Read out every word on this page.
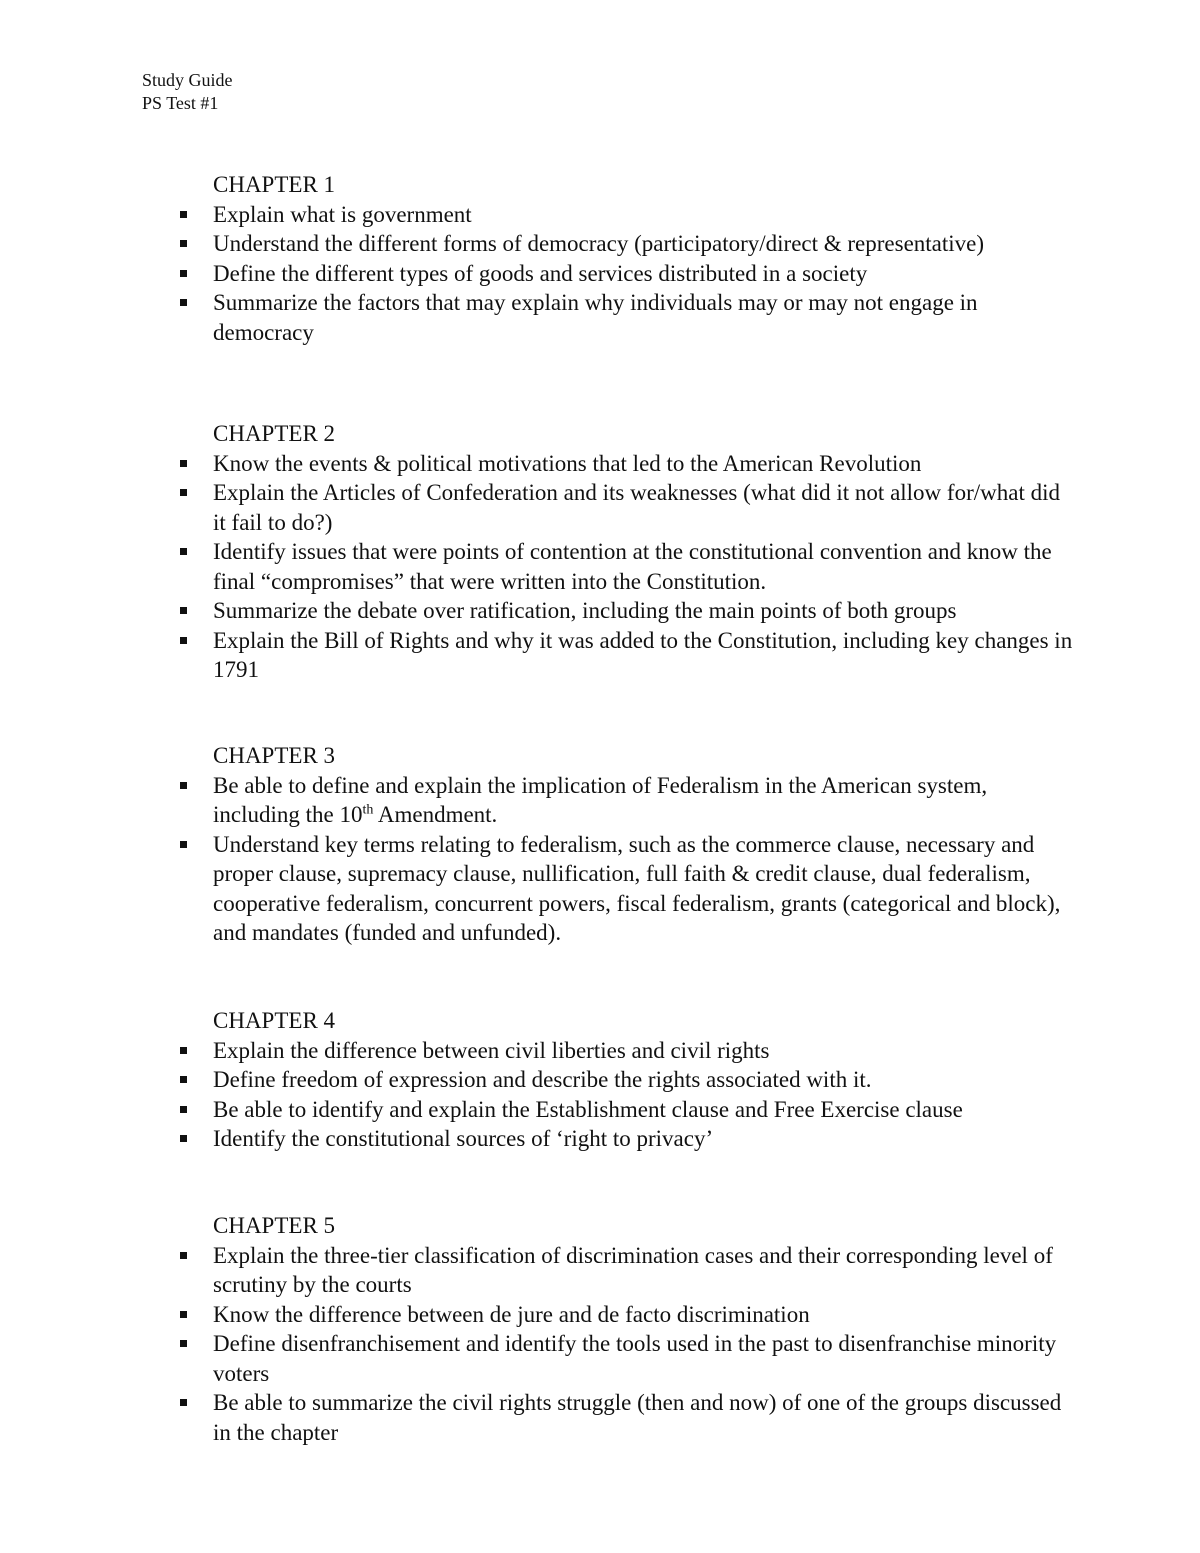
Study Guide
PS Test #1
CHAPTER 1
Explain what is government
Understand the different forms of democracy (participatory/direct & representative)
Define the different types of goods and services distributed in a society
Summarize the factors that may explain why individuals may or may not engage in democracy
CHAPTER 2
Know the events & political motivations that led to the American Revolution
Explain the Articles of Confederation and its weaknesses (what did it not allow for/what did it fail to do?)
Identify issues that were points of contention at the constitutional convention and know the final “compromises” that were written into the Constitution.
Summarize the debate over ratification, including the main points of both groups
Explain the Bill of Rights and why it was added to the Constitution, including key changes in 1791
CHAPTER 3
Be able to define and explain the implication of Federalism in the American system, including the 10th Amendment.
Understand key terms relating to federalism, such as the commerce clause, necessary and proper clause, supremacy clause, nullification, full faith & credit clause, dual federalism, cooperative federalism, concurrent powers, fiscal federalism, grants (categorical and block), and mandates (funded and unfunded).
CHAPTER 4
Explain the difference between civil liberties and civil rights
Define freedom of expression and describe the rights associated with it.
Be able to identify and explain the Establishment clause and Free Exercise clause
Identify the constitutional sources of ‘right to privacy’
CHAPTER 5
Explain the three-tier classification of discrimination cases and their corresponding level of scrutiny by the courts
Know the difference between de jure and de facto discrimination
Define disenfranchisement and identify the tools used in the past to disenfranchise minority voters
Be able to summarize the civil rights struggle (then and now) of one of the groups discussed in the chapter
